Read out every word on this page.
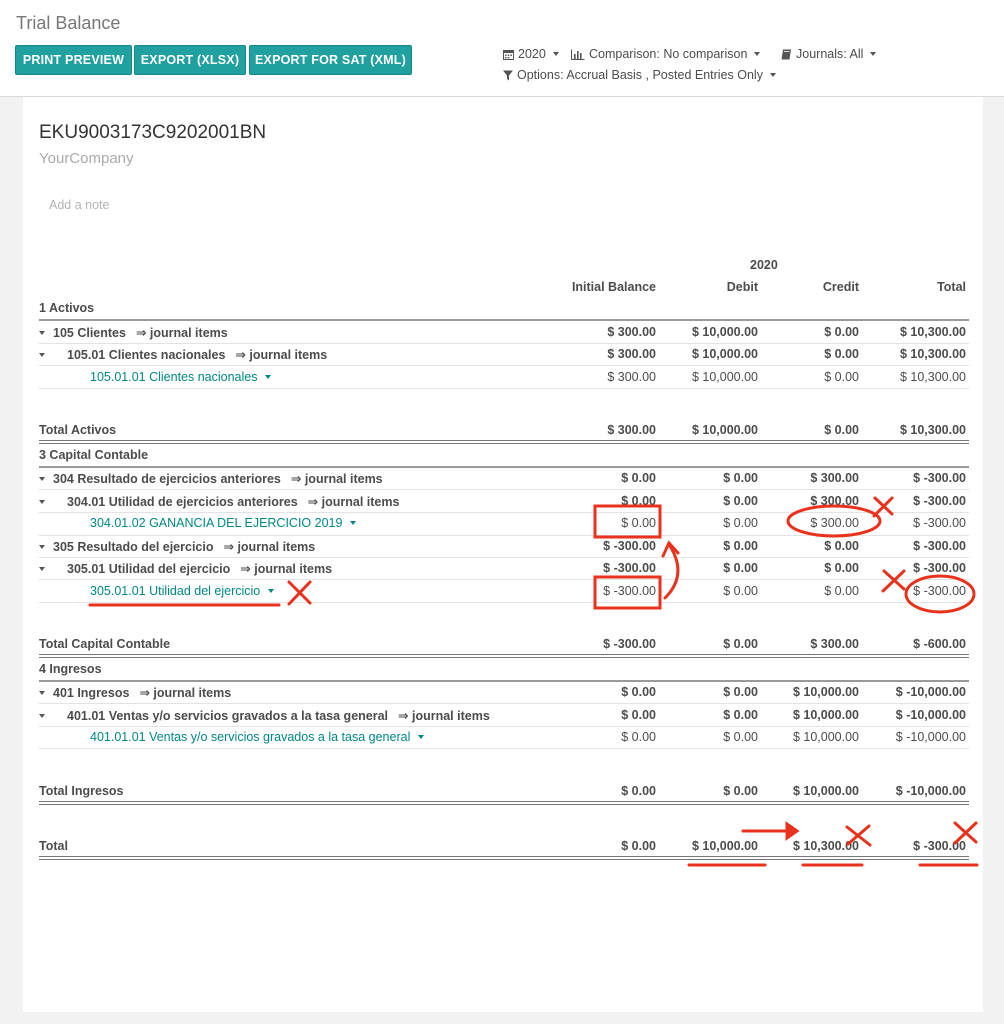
Trial Balance
PRINT PREVIEW	EXPORT (XLSX)	EXPORT FOR SAT (XML)	2020	Comparison: No comparison	Journals: All
Options: Accrual Basis , Posted Entries Only
EKU9003173C9202001BN
YourCompany
Add a note
2020
Initial Balance	Debit	Credit	Total
1 Activos
105 Clientes ⇒ journal items	$ 300.00	$ 10,000.00	$ 0.00	$ 10,300.00
105.01 Clientes nacionales ⇒ journal items	$ 300.00	$ 10,000.00	$ 0.00	$ 10,300.00
105.01.01 Clientes nacionales	$ 300.00	$ 10,000.00	$ 0.00	$ 10,300.00
Total Activos	$ 300.00	$ 10,000.00	$ 0.00	$ 10,300.00
3 Capital Contable
304 Resultado de ejercicios anteriores ⇒ journal items	$ 0.00	$ 0.00	$ 300.00	$ -300.00
304.01 Utilidad de ejercicios anteriores ⇒ journal items	$ 0.00	$ 0.00	$ 300.00	$ -300.00
304.01.02 GANANCIA DEL EJERCICIO 2019	$ 0.00	$ 0.00	$ 300.00	$ -300.00
305 Resultado del ejercicio ⇒ journal items	$ -300.00	$ 0.00	$ 0.00	$ -300.00
305.01 Utilidad del ejercicio ⇒ journal items	$ -300.00	$ 0.00	$ 0.00	$ -300.00
305.01.01 Utilidad del ejercicio	$ -300.00	$ 0.00	$ 0.00	$ -300.00
Total Capital Contable	$ -300.00	$ 0.00	$ 300.00	$ -600.00
4 Ingresos
401 Ingresos ⇒ journal items	$ 0.00	$ 0.00	$ 10,000.00	$ -10,000.00
401.01 Ventas y/o servicios gravados a la tasa general ⇒ journal items	$ 0.00	$ 0.00	$ 10,000.00	$ -10,000.00
401.01.01 Ventas y/o servicios gravados a la tasa general	$ 0.00	$ 0.00	$ 10,000.00	$ -10,000.00
Total Ingresos	$ 0.00	$ 0.00	$ 10,000.00	$ -10,000.00
Total	$ 0.00	$ 10,000.00	$ 10,300.00	$ -300.00
